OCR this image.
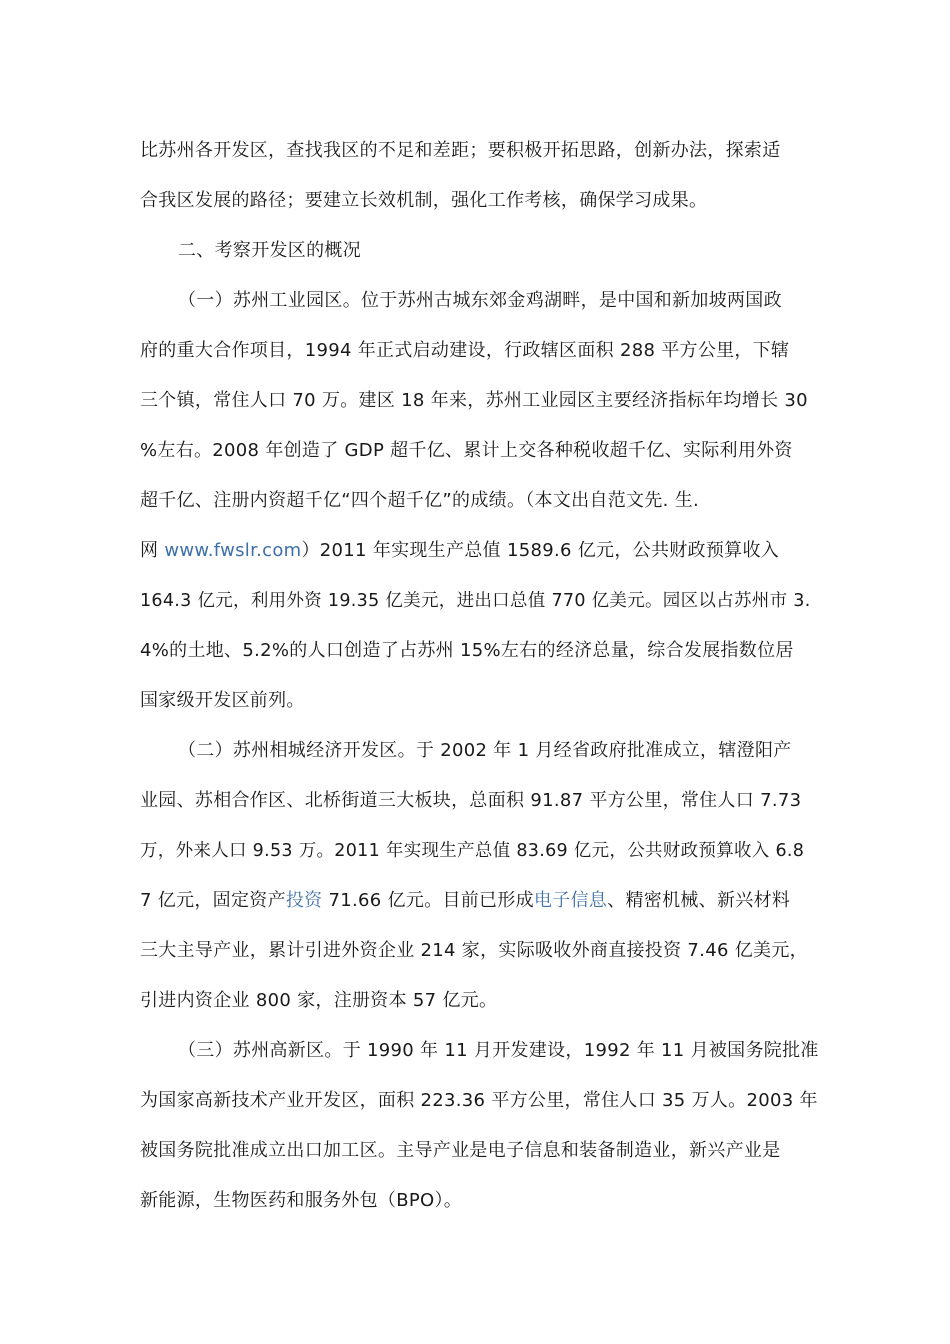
比苏州各开发区，查找我区的不足和差距；要积极开拓思路，创新办法，探索适
合我区发展的路径；要建立长效机制，强化工作考核，确保学习成果。
二、考察开发区的概况
（一）苏州工业园区。位于苏州古城东郊金鸡湖畔，是中国和新加坡两国政
府的重大合作项目，1994 年正式启动建设，行政辖区面积 288 平方公里，下辖
三个镇，常住人口 70 万。建区 18 年来，苏州工业园区主要经济指标年均增长 30
%左右。2008 年创造了 GDP 超千亿、累计上交各种税收超千亿、实际利用外资
超千亿、注册内资超千亿“四个超千亿”的成绩。（本文出自范文先. 生.
网 www.fwslr.com）2011 年实现生产总值 1589.6 亿元，公共财政预算收入
164.3 亿元，利用外资 19.35 亿美元，进出口总值 770 亿美元。园区以占苏州市 3.
4%的土地、5.2%的人口创造了占苏州 15%左右的经济总量，综合发展指数位居
国家级开发区前列。
（二）苏州相城经济开发区。于 2002 年 1 月经省政府批准成立，辖澄阳产
业园、苏相合作区、北桥街道三大板块，总面积 91.87 平方公里，常住人口 7.73
万，外来人口 9.53 万。2011 年实现生产总值 83.69 亿元，公共财政预算收入 6.8
7 亿元，固定资产投资 71.66 亿元。目前已形成电子信息、精密机械、新兴材料
三大主导产业，累计引进外资企业 214 家，实际吸收外商直接投资 7.46 亿美元，
引进内资企业 800 家，注册资本 57 亿元。
（三）苏州高新区。于 1990 年 11 月开发建设，1992 年 11 月被国务院批准
为国家高新技术产业开发区，面积 223.36 平方公里，常住人口 35 万人。2003 年
被国务院批准成立出口加工区。主导产业是电子信息和装备制造业，新兴产业是
新能源，生物医药和服务外包（BPO）。
